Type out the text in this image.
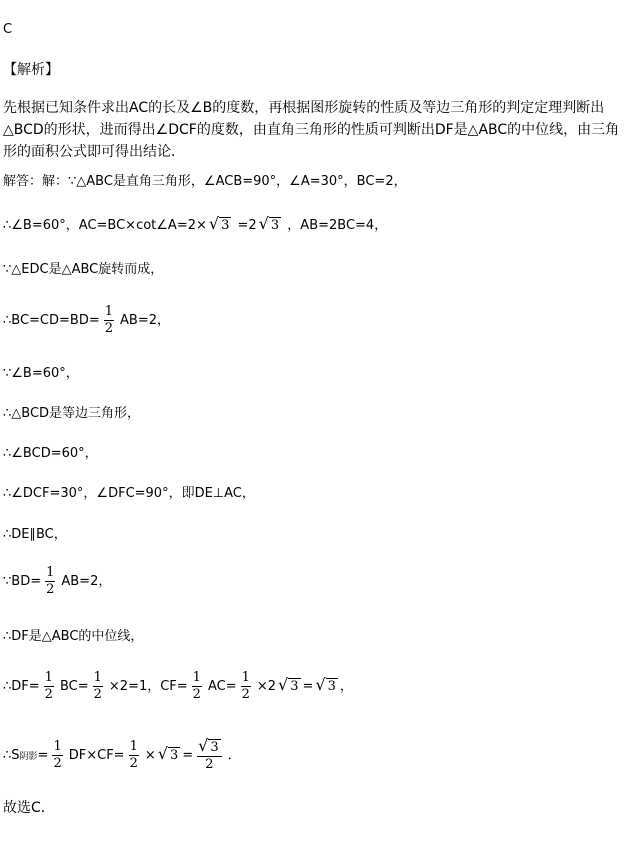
C
【解析】
先根据已知条件求出AC的长及∠B的度数，再根据图形旋转的性质及等边三角形的判定定理判断出△BCD的形状，进而得出∠DCF的度数，由直角三角形的性质可判断出DF是△ABC的中位线，由三角形的面积公式即可得出结论．
解答：解：∵△ABC是直角三角形，∠ACB=90°，∠A=30°，BC=2，
∴∠B=60°，AC=BC×cot∠A=2× √ 3 =2 √ 3 ，AB=2BC=4，
∵△EDC是△ABC旋转而成，
∴BC=CD=BD= $\frac{1}{2} AB=2$，
∵∠B=60°，
∴△BCD是等边三角形，
∴∠BCD=60°，
∴∠DCF=30°，∠DFC=90°，即DE⊥AC，
∴DE∥BC，
∵BD= $\frac{1}{2} AB=2$，
∴DF是△ABC的中位线，
∴DF= $\frac{1}{2} BC= \frac{1}{2} \times 2=1$，$CF= \frac{1}{2} AC= \frac{1}{2} \times 2$ √ 3 = √ 3 ，
∴S阴影= $\frac{1}{2} DF\times CF= \frac{1}{2}$ × √ $3 = \frac{√ 3}{2}$ ．
故选C．
